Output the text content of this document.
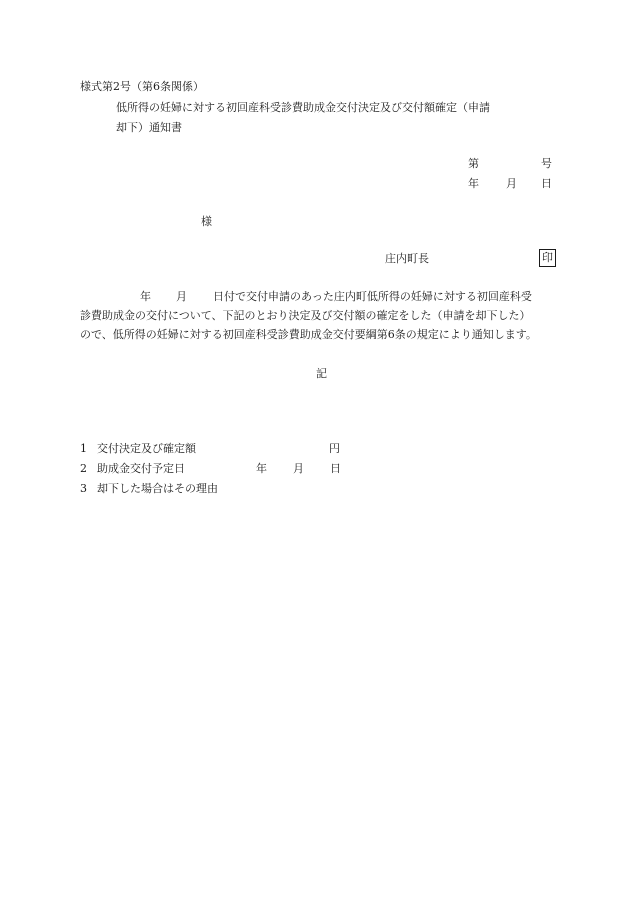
様式第2号（第6条関係）
低所得の妊婦に対する初回産科受診費助成金交付決定及び交付額確定（申請
却下）通知書
第	号
年 月 日
様
庄内町長	印
年 月 日付で交付申請のあった庄内町低所得の妊婦に対する初回産科受
診費助成金の交付について、下記のとおり決定及び交付額の確定をした（申請を却下した）
ので、低所得の妊婦に対する初回産科受診費助成金交付要綱第6条の規定により通知します。
記
1 交付決定及び確定額	円
2 助成金交付予定日	年 月 日
3 却下した場合はその理由
